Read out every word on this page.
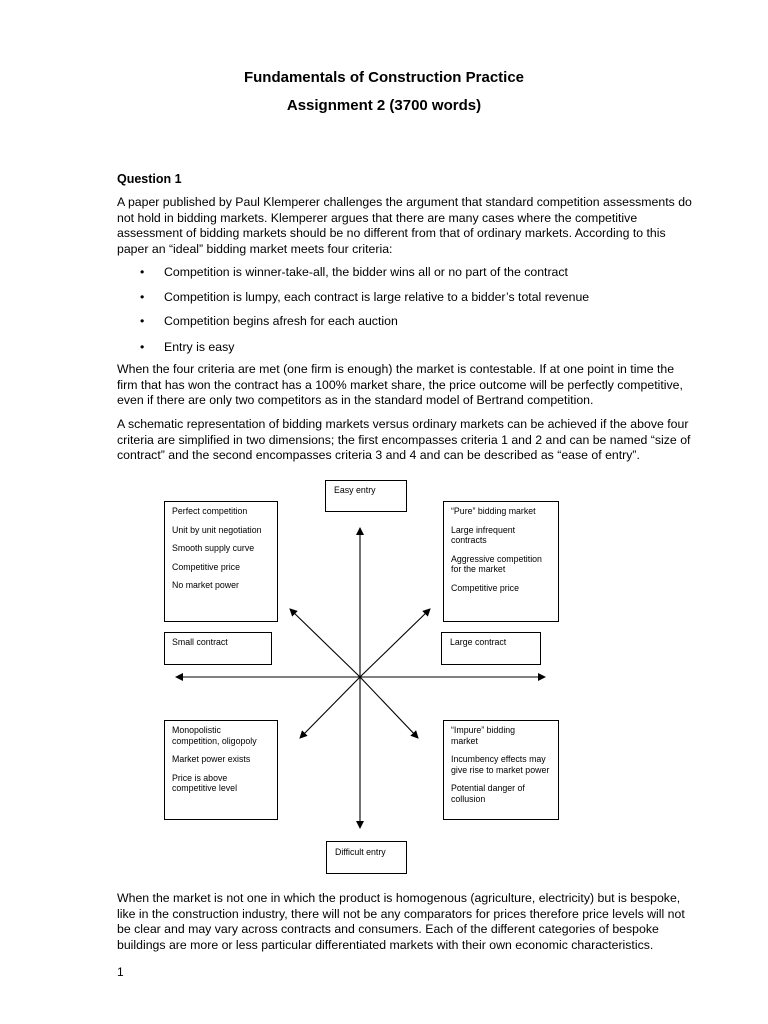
Fundamentals of Construction Practice
Assignment 2 (3700 words)
Question 1

A paper published by Paul Klemperer challenges the argument that standard competition assessments do not hold in bidding markets. Klemperer argues that there are many cases where the competitive assessment of bidding markets should be no different from that of ordinary markets. According to this paper an “ideal” bidding market meets four criteria:

• Competition is winner-take-all, the bidder wins all or no part of the contract
• Competition is lumpy, each contract is large relative to a bidder’s total revenue
• Competition begins afresh for each auction
• Entry is easy

When the four criteria are met (one firm is enough) the market is contestable. If at one point in time the firm that has won the contract has a 100% market share, the price outcome will be perfectly competitive, even if there are only two competitors as in the standard model of Bertrand competition.

A schematic representation of bidding markets versus ordinary markets can be achieved if the above four criteria are simplified in two dimensions; the first encompasses criteria 1 and 2 and can be named “size of contract” and the second encompasses criteria 3 and 4 and can be described as “ease of entry”.

Easy entry
Perfect competition
Unit by unit negotiation
Smooth supply curve
Competitive price
No market power
“Pure” bidding market
Large infrequent contracts
Aggressive competition for the market
Competitive price
Small contract	Large contract
Monopolistic competition, oligopoly
Market power exists
Price is above competitive level
“Impure” bidding market
Incumbency effects may give rise to market power
Potential danger of collusion
Difficult entry

When the market is not one in which the product is homogenous (agriculture, electricity) but is bespoke, like in the construction industry, there will not be any comparators for prices therefore price levels will not be clear and may vary across contracts and consumers. Each of the different categories of bespoke buildings are more or less particular differentiated markets with their own economic characteristics.

1
